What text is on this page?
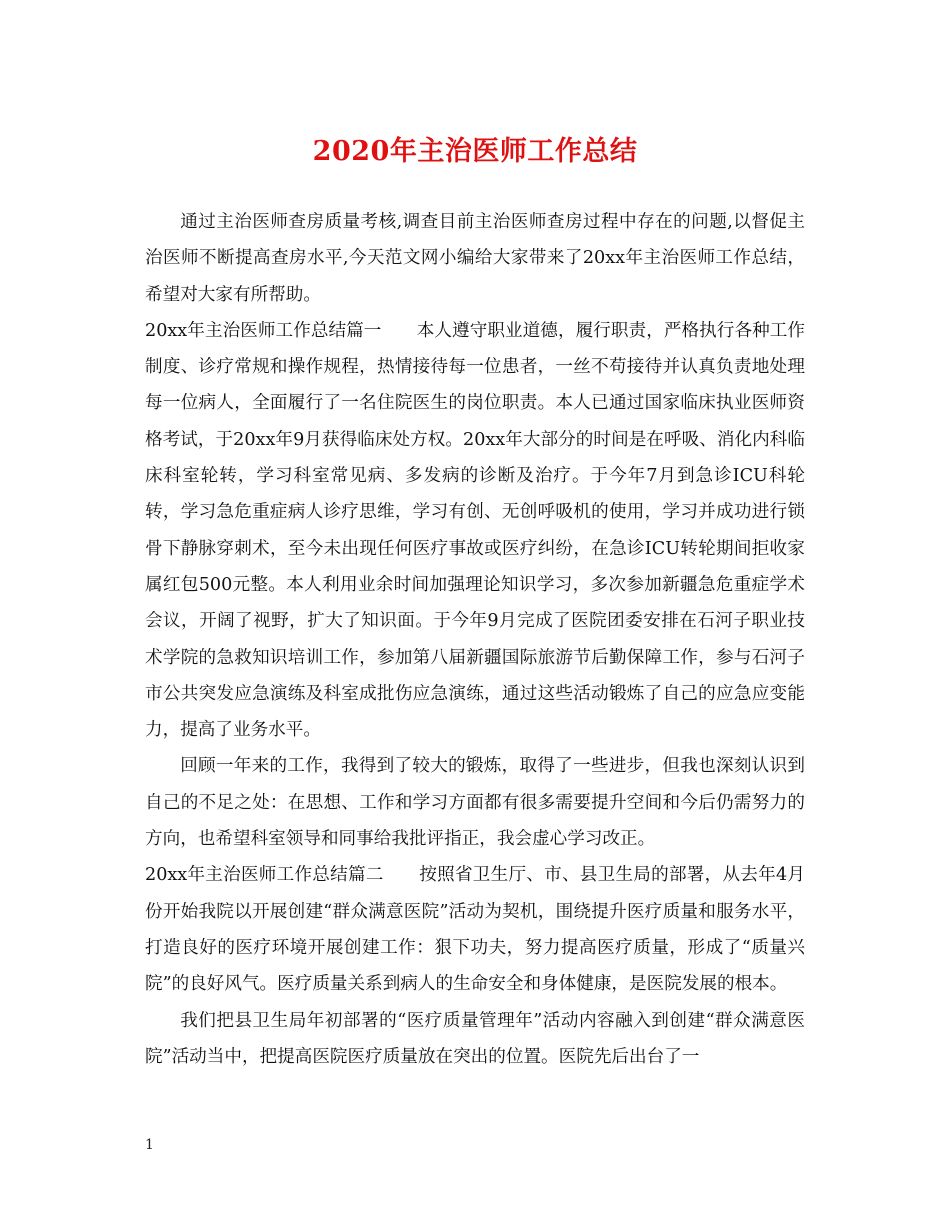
2020年主治医师工作总结

通过主治医师查房质量考核,调查目前主治医师查房过程中存在的问题,以督促主治医师不断提高查房水平,今天范文网小编给大家带来了20xx年主治医师工作总结，希望对大家有所帮助。

20xx年主治医师工作总结篇一　　本人遵守职业道德，履行职责，严格执行各种工作制度、诊疗常规和操作规程，热情接待每一位患者，一丝不苟接待并认真负责地处理每一位病人，全面履行了一名住院医生的岗位职责。本人已通过国家临床执业医师资格考试，于20xx年9月获得临床处方权。20xx年大部分的时间是在呼吸、消化内科临床科室轮转，学习科室常见病、多发病的诊断及治疗。于今年7月到急诊ICU科轮转，学习急危重症病人诊疗思维，学习有创、无创呼吸机的使用，学习并成功进行锁骨下静脉穿刺术，至今未出现任何医疗事故或医疗纠纷，在急诊ICU转轮期间拒收家属红包500元整。本人利用业余时间加强理论知识学习，多次参加新疆急危重症学术会议，开阔了视野，扩大了知识面。于今年9月完成了医院团委安排在石河子职业技术学院的急救知识培训工作，参加第八届新疆国际旅游节后勤保障工作，参与石河子市公共突发应急演练及科室成批伤应急演练，通过这些活动锻炼了自己的应急应变能力，提高了业务水平。

回顾一年来的工作，我得到了较大的锻炼，取得了一些进步，但我也深刻认识到自己的不足之处：在思想、工作和学习方面都有很多需要提升空间和今后仍需努力的方向，也希望科室领导和同事给我批评指正，我会虚心学习改正。

20xx年主治医师工作总结篇二　　按照省卫生厅、市、县卫生局的部署，从去年4月份开始我院以开展创建“群众满意医院”活动为契机，围绕提升医疗质量和服务水平，打造良好的医疗环境开展创建工作：狠下功夫，努力提高医疗质量，形成了“质量兴院”的良好风气。医疗质量关系到病人的生命安全和身体健康，是医院发展的根本。

我们把县卫生局年初部署的“医疗质量管理年”活动内容融入到创建“群众满意医院”活动当中，把提高医院医疗质量放在突出的位置。医院先后出台了一

1
